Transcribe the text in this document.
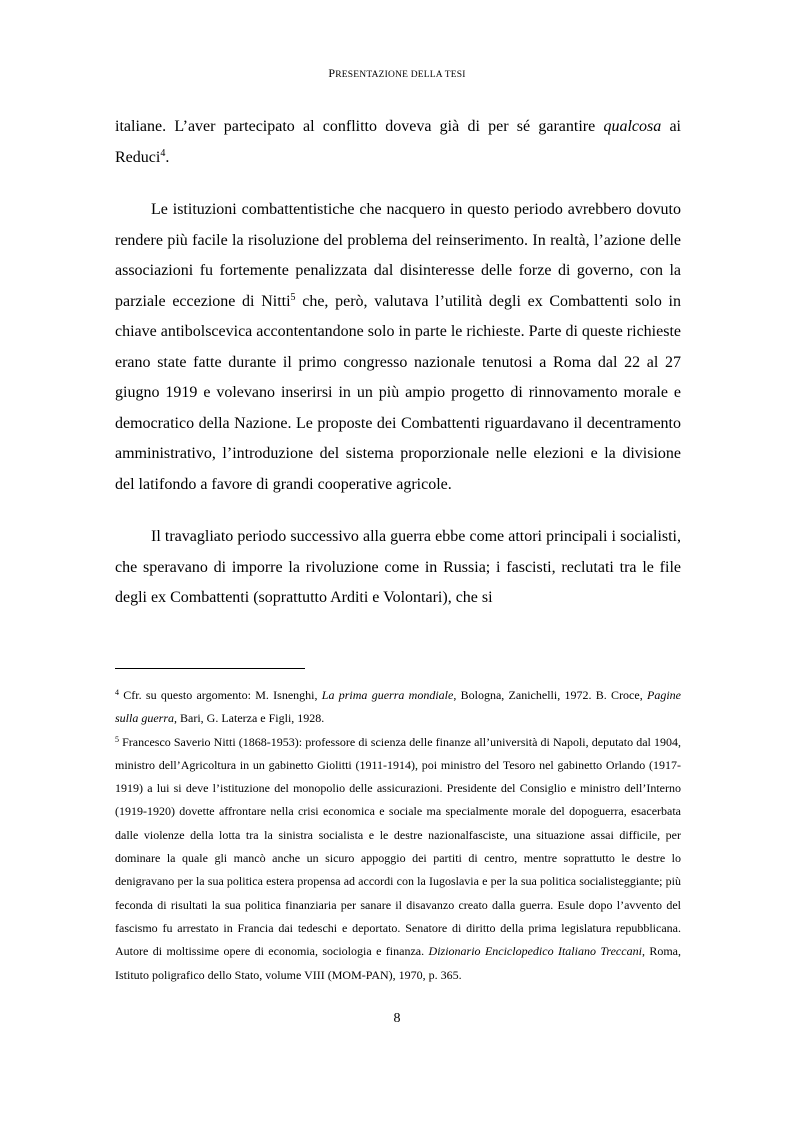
PRESENTAZIONE DELLA TESI

italiane. L’aver partecipato al conflitto doveva già di per sé garantire qualcosa ai Reduci$^4$.

Le istituzioni combattentistiche che nacquero in questo periodo avrebbero dovuto rendere più facile la risoluzione del problema del reinserimento. In realtà, l’azione delle associazioni fu fortemente penalizzata dal disinteresse delle forze di governo, con la parziale eccezione di Nitti$^5$ che, però, valutava l’utilità degli ex Combattenti solo in chiave antibolscevica accontentandone solo in parte le richieste. Parte di queste richieste erano state fatte durante il primo congresso nazionale tenutosi a Roma dal 22 al 27 giugno 1919 e volevano inserirsi in un più ampio progetto di rinnovamento morale e democratico della Nazione. Le proposte dei Combattenti riguardavano il decentramento amministrativo, l’introduzione del sistema proporzionale nelle elezioni e la divisione del latifondo a favore di grandi cooperative agricole.

Il travagliato periodo successivo alla guerra ebbe come attori principali i socialisti, che speravano di imporre la rivoluzione come in Russia; i fascisti, reclutati tra le file degli ex Combattenti (soprattutto Arditi e Volontari), che si

$^4$ Cfr. su questo argomento: M. Isnenghi, La prima guerra mondiale, Bologna, Zanichelli, 1972. B. Croce, Pagine sulla guerra, Bari, G. Laterza e Figli, 1928.

$^5$ Francesco Saverio Nitti (1868-1953): professore di scienza delle finanze all’università di Napoli, deputato dal 1904, ministro dell’Agricoltura in un gabinetto Giolitti (1911-1914), poi ministro del Tesoro nel gabinetto Orlando (1917-1919) a lui si deve l’istituzione del monopolio delle assicurazioni. Presidente del Consiglio e ministro dell’Interno (1919-1920) dovette affrontare nella crisi economica e sociale ma specialmente morale del dopoguerra, esacerbata dalle violenze della lotta tra la sinistra socialista e le destre nazionalfasciste, una situazione assai difficile, per dominare la quale gli mancò anche un sicuro appoggio dei partiti di centro, mentre soprattutto le destre lo denigravano per la sua politica estera propensa ad accordi con la Iugoslavia e per la sua politica socialisteggiante; più feconda di risultati la sua politica finanziaria per sanare il disavanzo creato dalla guerra. Esule dopo l’avvento del fascismo fu arrestato in Francia dai tedeschi e deportato. Senatore di diritto della prima legislatura repubblicana. Autore di moltissime opere di economia, sociologia e finanza. Dizionario Enciclopedico Italiano Treccani, Roma, Istituto poligrafico dello Stato, volume VIII (MOM-PAN), 1970, p. 365.

8
